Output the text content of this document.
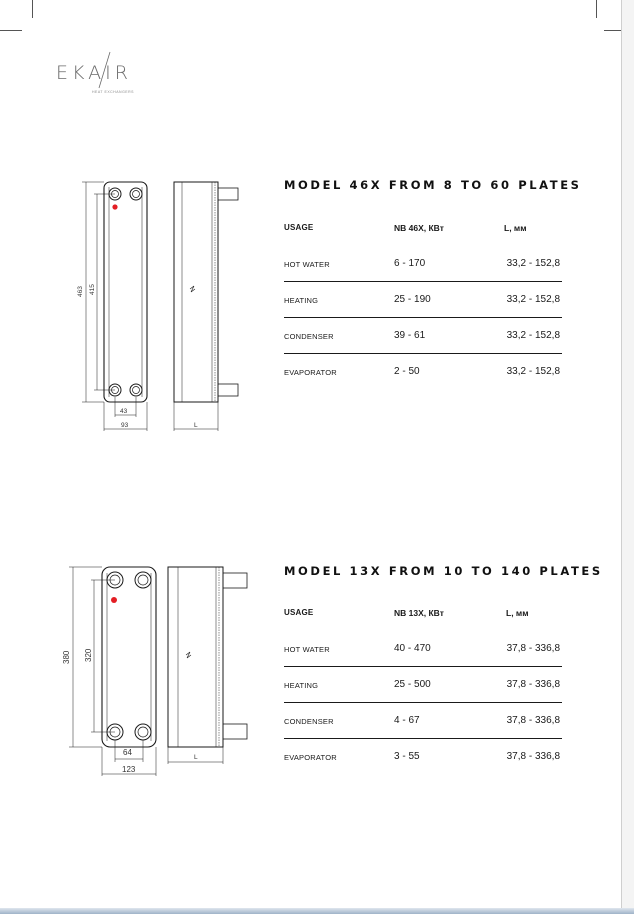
EKAIR
HEAT EXCHANGERS
463 415
43
93	L
MODEL 46X FROM 8 TO 60 PLATES
USAGE	NB 46X, КВт	L, мм
HOT WATER	6 - 170	33,2 - 152,8
HEATING	25 - 190	33,2 - 152,8
CONDENSER	39 - 61	33,2 - 152,8
EVAPORATOR	2 - 50	33,2 - 152,8
380 320
64
123
L
MODEL 13X FROM 10 TO 140 PLATES
USAGE	NB 13X, КВт	L, мм
HOT WATER	40 - 470	37,8 - 336,8
HEATING	25 - 500	37,8 - 336,8
CONDENSER	4 - 67	37,8 - 336,8
EVAPORATOR	3 - 55	37,8 - 336,8
